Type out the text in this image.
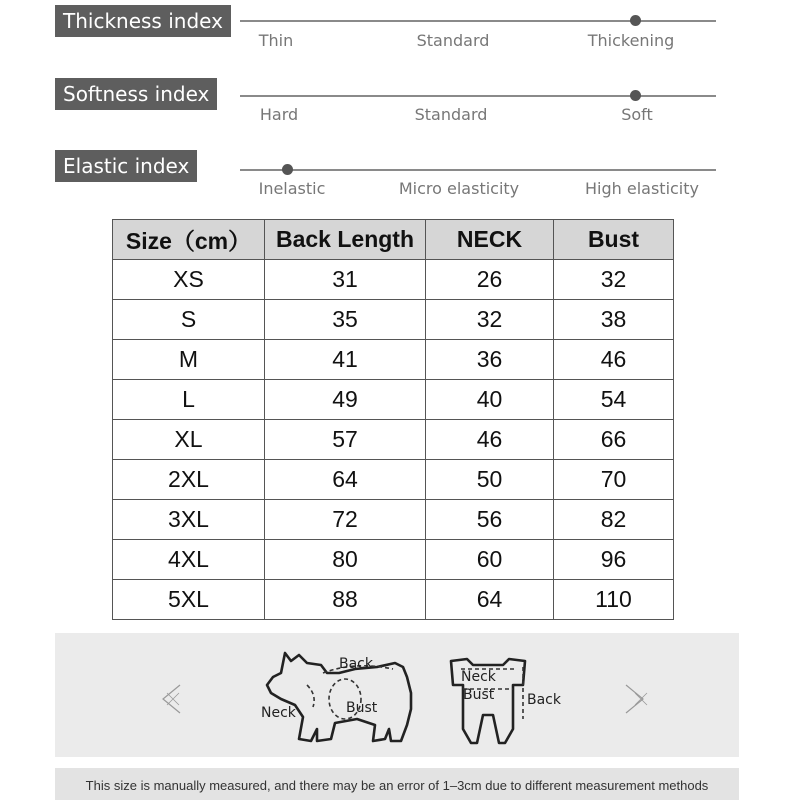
Thickness index
Thin	Standard	Thickening
Softness index
Hard	Standard	Soft
Elastic index
Inelastic	Micro elasticity	High elasticity
Size（cm）	Back Length	NECK	Bust
XS	31	26	32
S	35	32	38
M	41	36	46
L	49	40	54
XL	57	46	66
2XL	64	50	70
3XL	72	56	82
4XL	80	60	96
5XL	88	64	110
Back
Neck	Bust
Neck
Bust Back
This size is manually measured, and there may be an error of 1–3cm due to different measurement methods
